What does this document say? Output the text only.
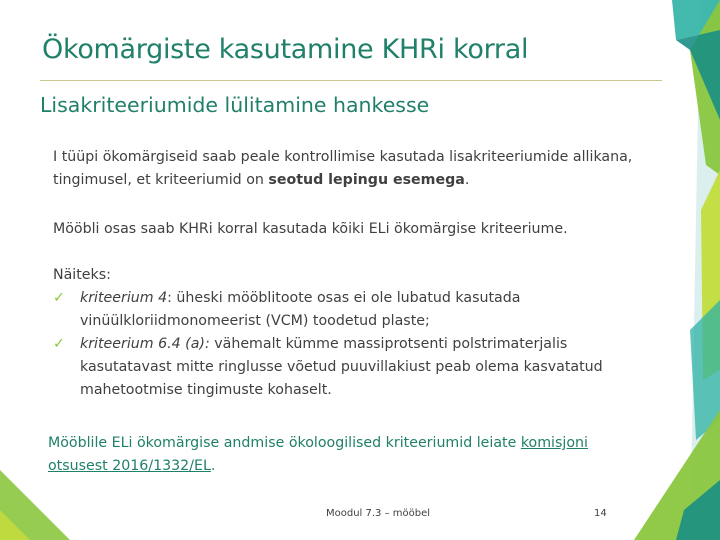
Ökomärgiste kasutamine KHRi korral
Lisakriteeriumide lülitamine hankesse
I tüüpi ökomärgiseid saab peale kontrollimise kasutada lisakriteeriumide allikana, tingimusel, et kriteeriumid on seotud lepingu esemega.
Mööbli osas saab KHRi korral kasutada kõiki ELi ökomärgise kriteeriume.
Näiteks:
✓ kriteerium 4: üheski mööblitoote osas ei ole lubatud kasutada vinüülkloriidmonomeerist (VCM) toodetud plaste;
✓ kriteerium 6.4 (a): vähemalt kümme massiprotsenti polstrimaterjalis kasutatavast mitte ringlusse võetud puuvillakiust peab olema kasvatatud mahetootmise tingimuste kohaselt.
Mööblile ELi ökomärgise andmise ökoloogilised kriteeriumid leiate komisjoni otsusest 2016/1332/EL.
Moodul 7.3 – mööbel	14
